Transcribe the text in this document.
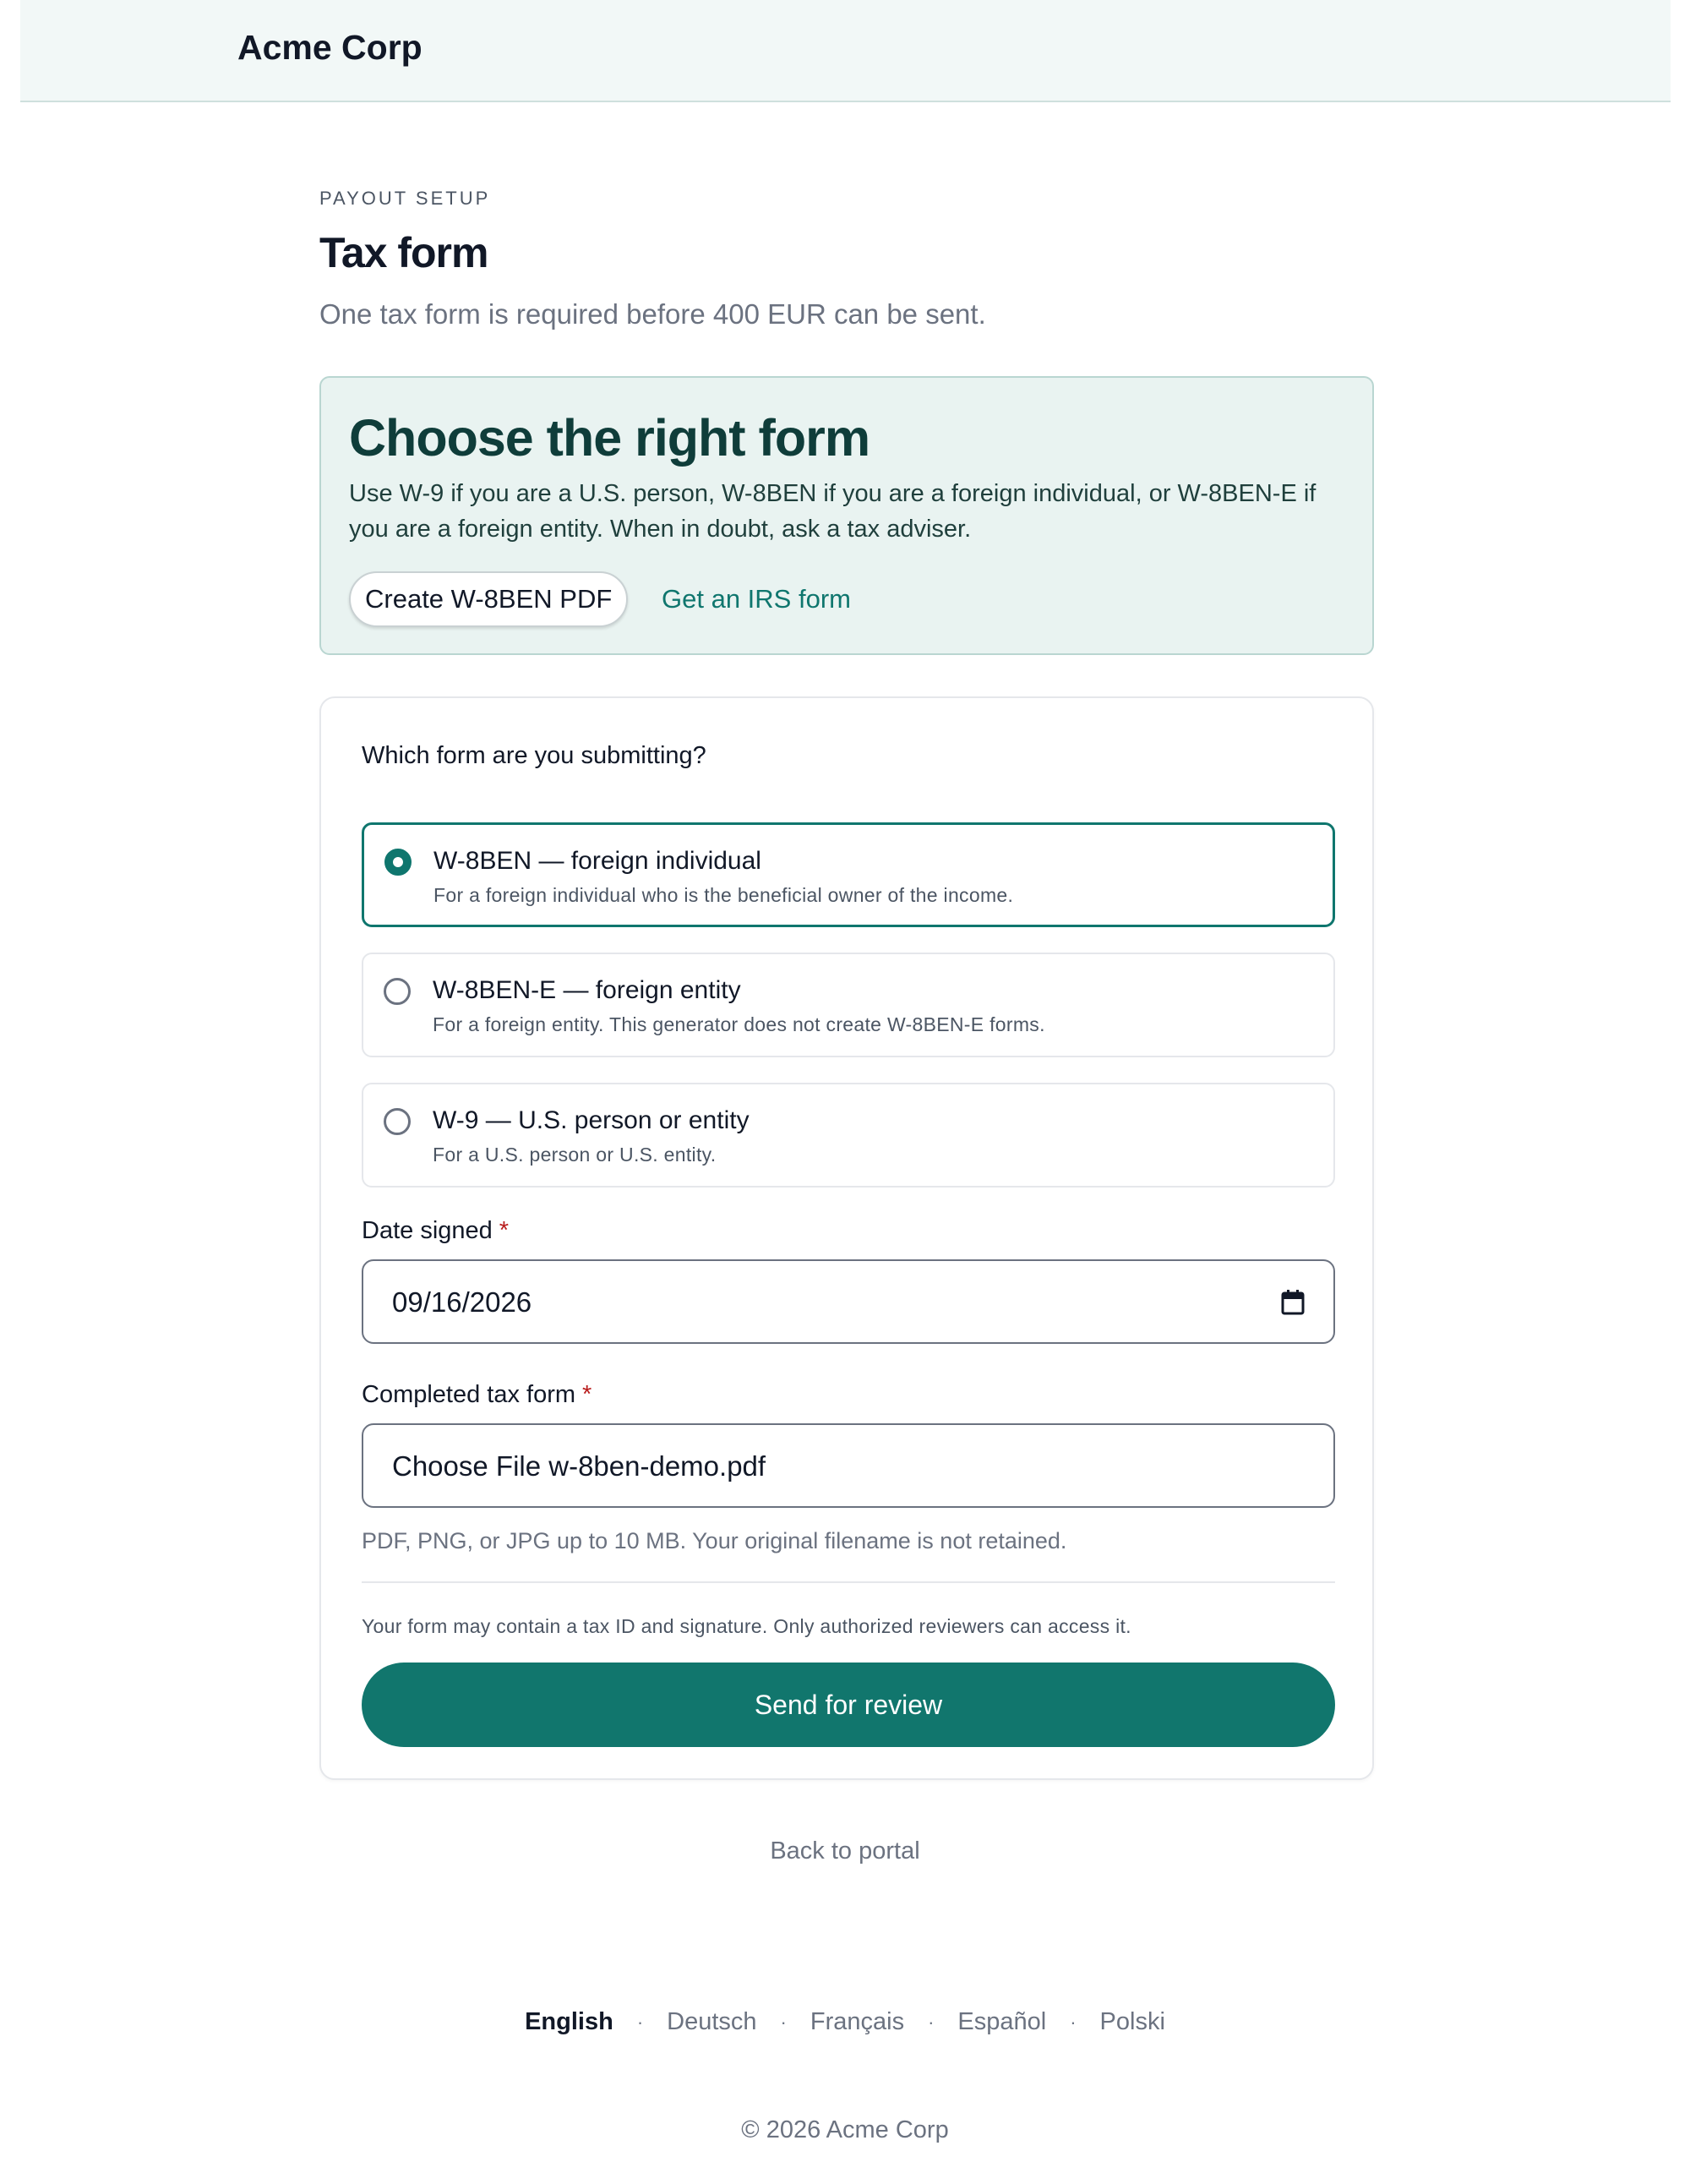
Acme Corp
PAYOUT SETUP
Tax form
One tax form is required before 400 EUR can be sent.
Choose the right form
Use W-9 if you are a U.S. person, W-8BEN if you are a foreign individual, or W-8BEN-E if you are a foreign entity. When in doubt, ask a tax adviser.
Create W-8BEN PDF	Get an IRS form
Which form are you submitting?
W-8BEN — foreign individual
For a foreign individual who is the beneficial owner of the income.
W-8BEN-E — foreign entity
For a foreign entity. This generator does not create W-8BEN-E forms.
W-9 — U.S. person or entity
For a U.S. person or U.S. entity.
Date signed *
09/16/2026
Completed tax form *
Choose File w-8ben-demo.pdf
PDF, PNG, or JPG up to 10 MB. Your original filename is not retained.
Your form may contain a tax ID and signature. Only authorized reviewers can access it.
Send for review
Back to portal
English · Deutsch · Français · Español · Polski
© 2026 Acme Corp
